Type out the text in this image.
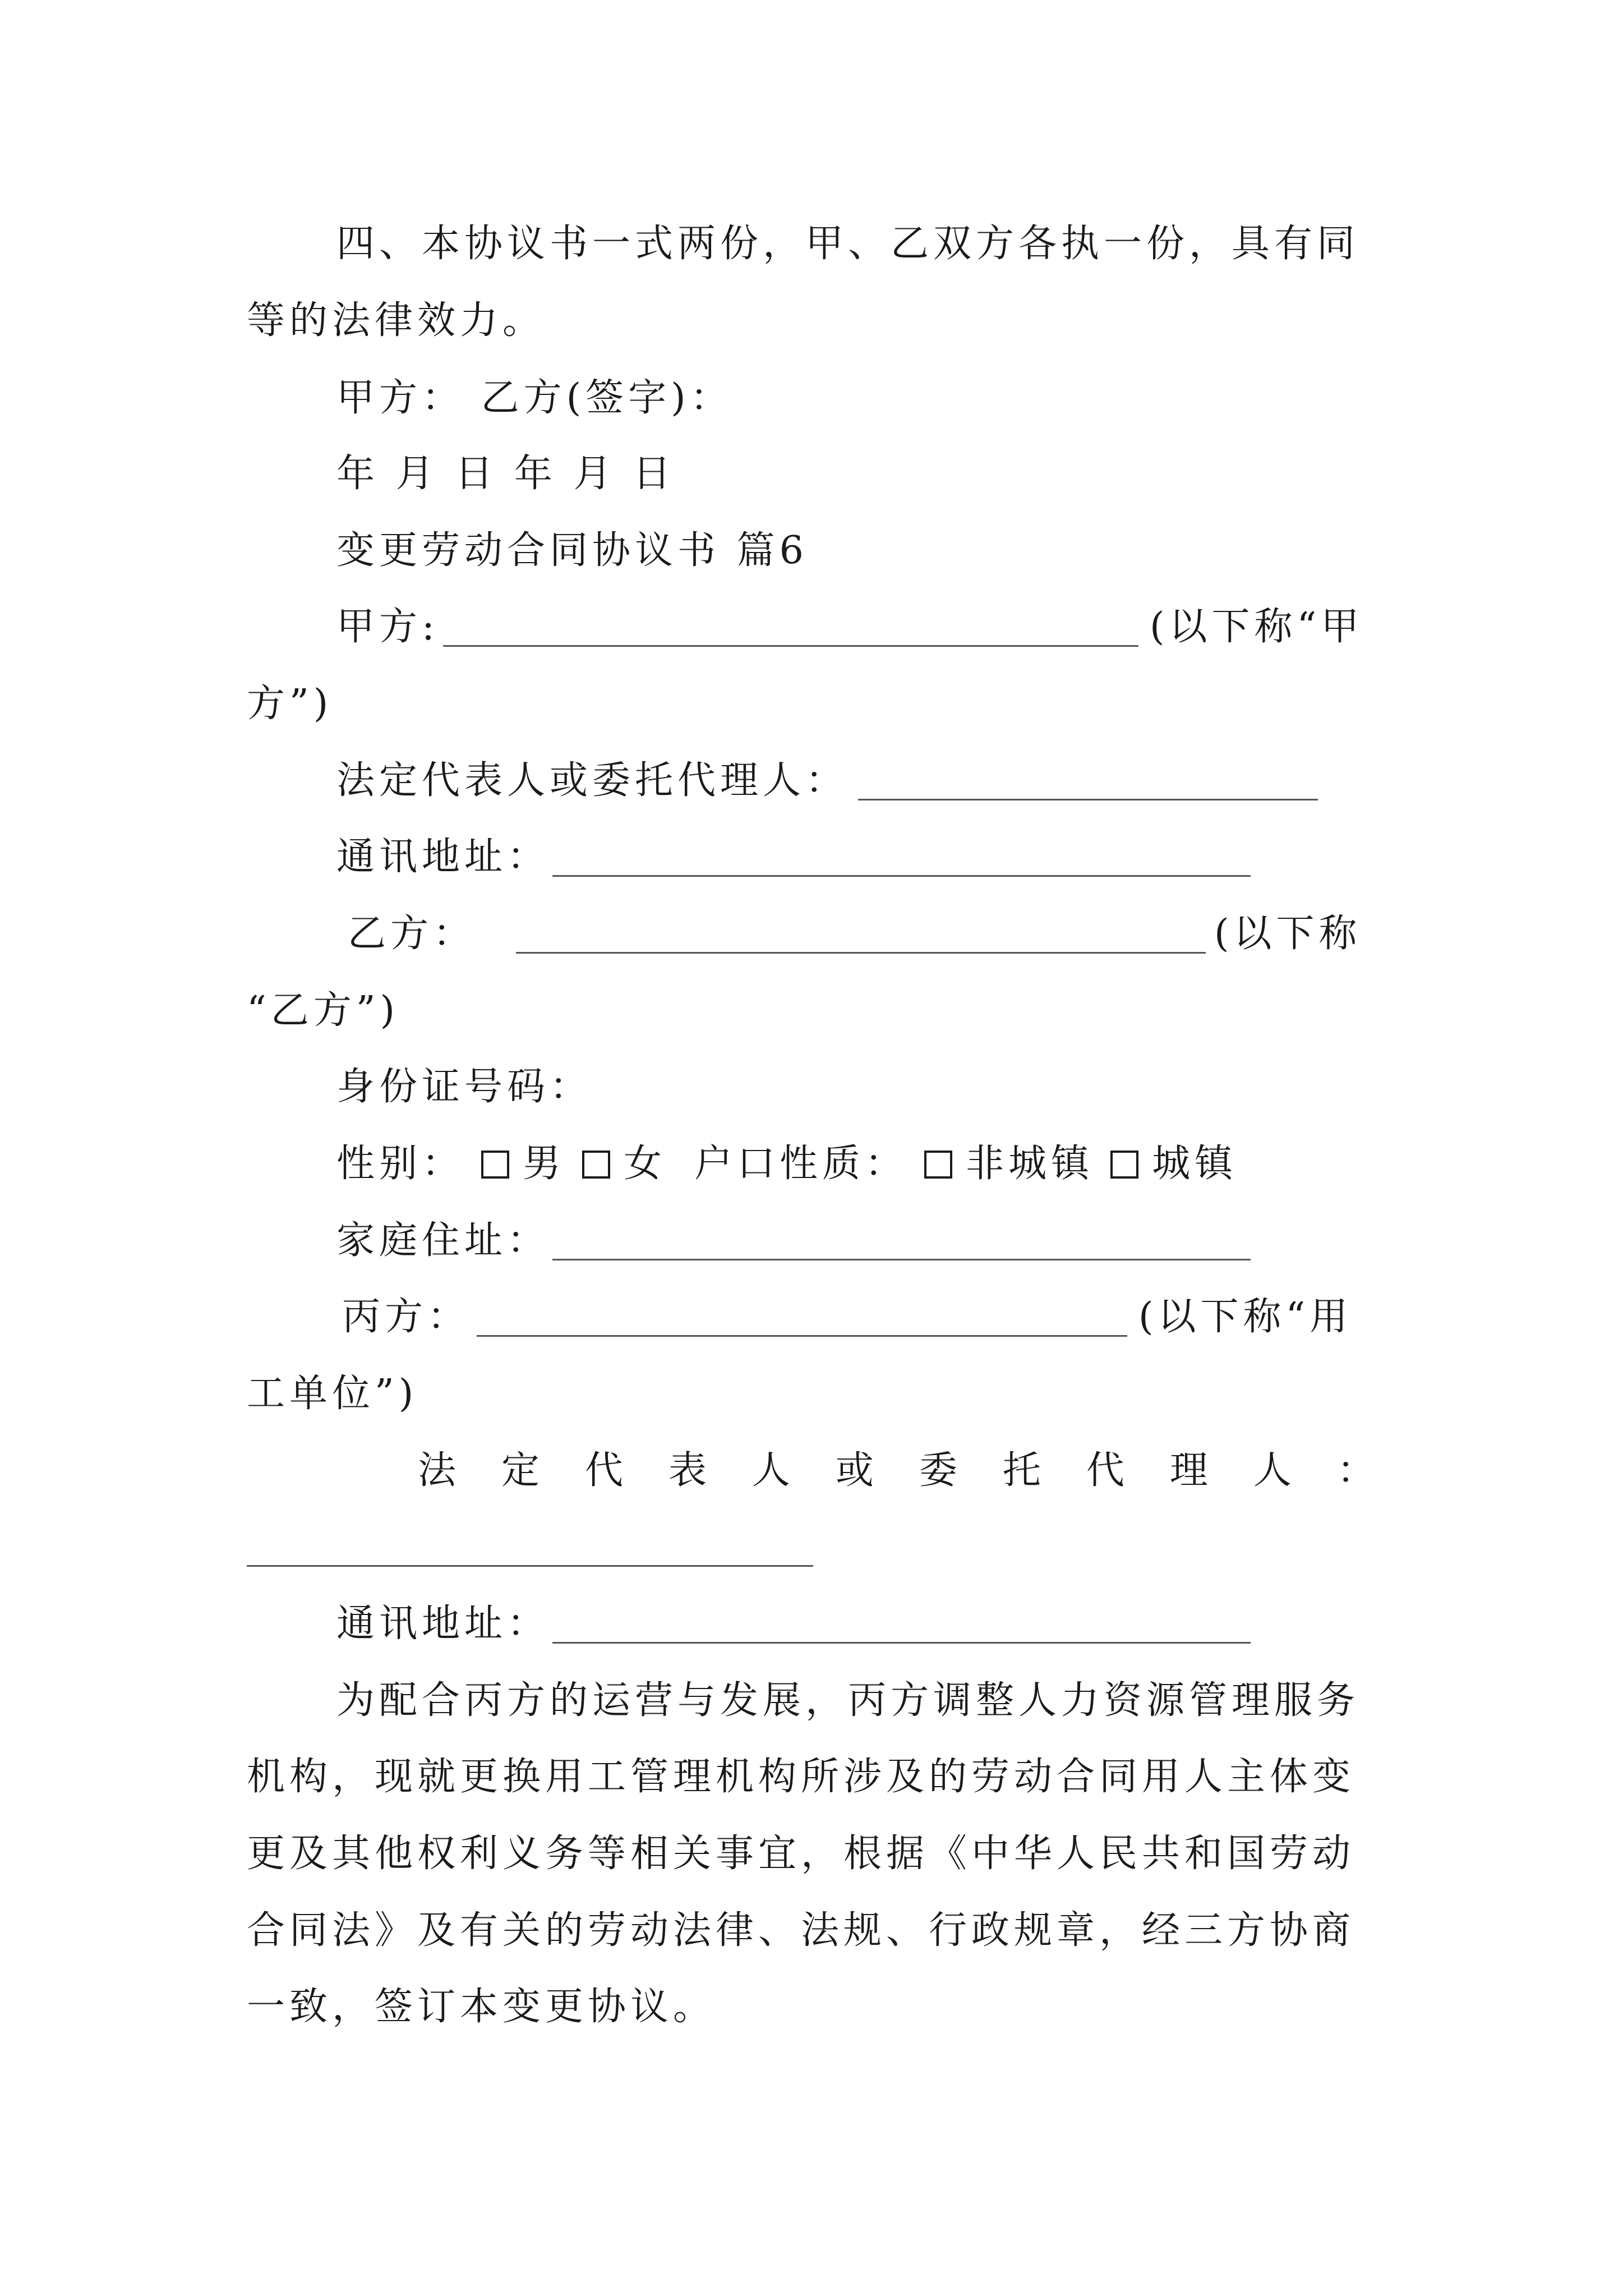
四、本协议书一式两份，甲、乙双方各执一份，具有同
等的法律效力。
甲方： 乙方(签字)：
年 月 日 年 月 日
变更劳动合同协议书 篇6
甲方:	(以下称“甲
方”)
法定代表人或委托代理人：
通讯地址：
乙方：	(以下称
“乙方”)
身份证号码：
性别： 男 女 户口性质： 非城镇 城镇
家庭住址：
丙方：	(以下称“用
工单位”)
法 定 代 表 人 或 委 托 代 理 人 ：
通讯地址：
为配合丙方的运营与发展，丙方调整人力资源管理服务
机构，现就更换用工管理机构所涉及的劳动合同用人主体变
更及其他权利义务等相关事宜，根据《中华人民共和国劳动
合同法》及有关的劳动法律、法规、行政规章，经三方协商
一致，签订本变更协议。
